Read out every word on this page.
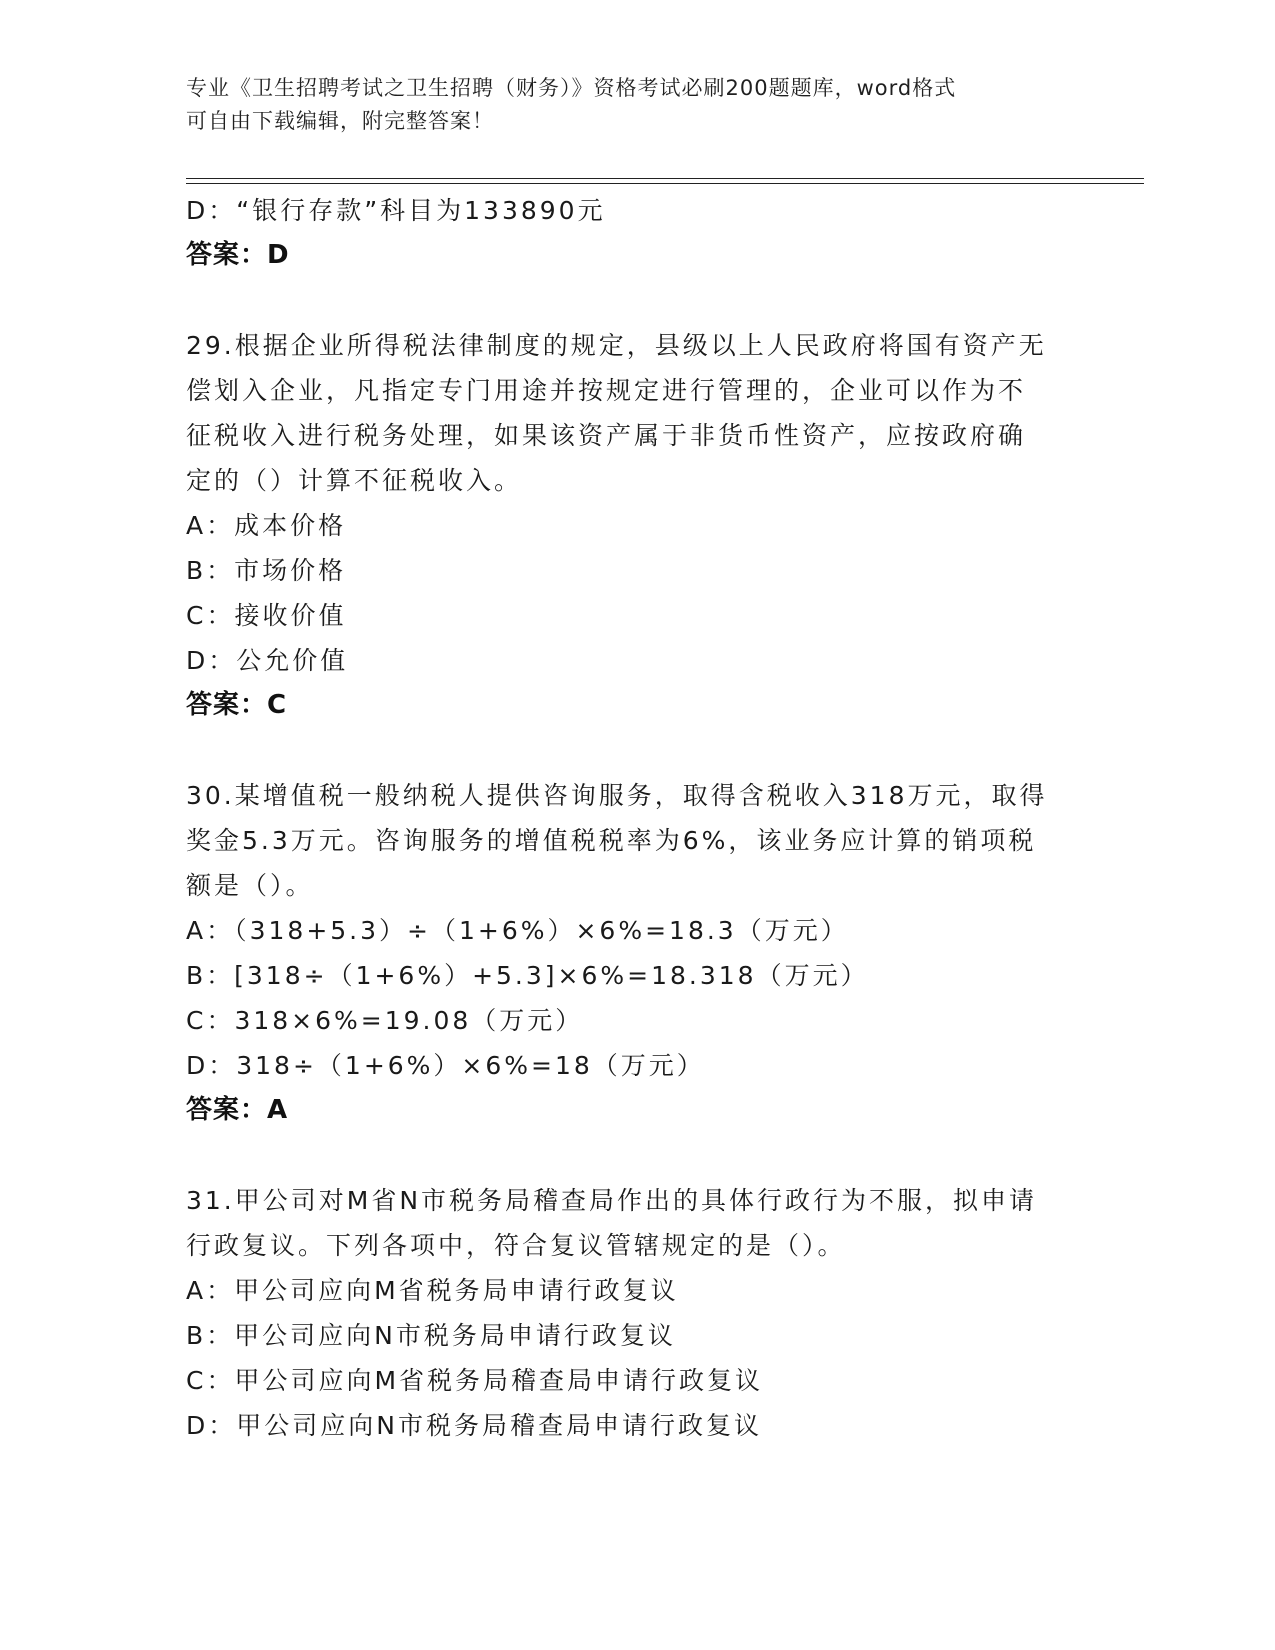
专业《卫生招聘考试之卫生招聘（财务）》资格考试必刷200题题库，word格式
可自由下载编辑，附完整答案！
D：“银行存款”科目为133890元
答案：D
29.根据企业所得税法律制度的规定，县级以上人民政府将国有资产无
偿划入企业，凡指定专门用途并按规定进行管理的，企业可以作为不
征税收入进行税务处理，如果该资产属于非货币性资产，应按政府确
定的（）计算不征税收入。
A：成本价格
B：市场价格
C：接收价值
D：公允价值
答案：C
30.某增值税一般纳税人提供咨询服务，取得含税收入318万元，取得
奖金5.3万元。咨询服务的增值税税率为6%，该业务应计算的销项税
额是（）。
A：（318+5.3）÷（1+6%）×6%=18.3（万元）
B：[318÷（1+6%）+5.3]×6%=18.318（万元）
C：318×6%=19.08（万元）
D：318÷（1+6%）×6%=18（万元）
答案：A
31.甲公司对M省N市税务局稽查局作出的具体行政行为不服，拟申请
行政复议。下列各项中，符合复议管辖规定的是（）。
A：甲公司应向M省税务局申请行政复议
B：甲公司应向N市税务局申请行政复议
C：甲公司应向M省税务局稽查局申请行政复议
D：甲公司应向N市税务局稽查局申请行政复议
